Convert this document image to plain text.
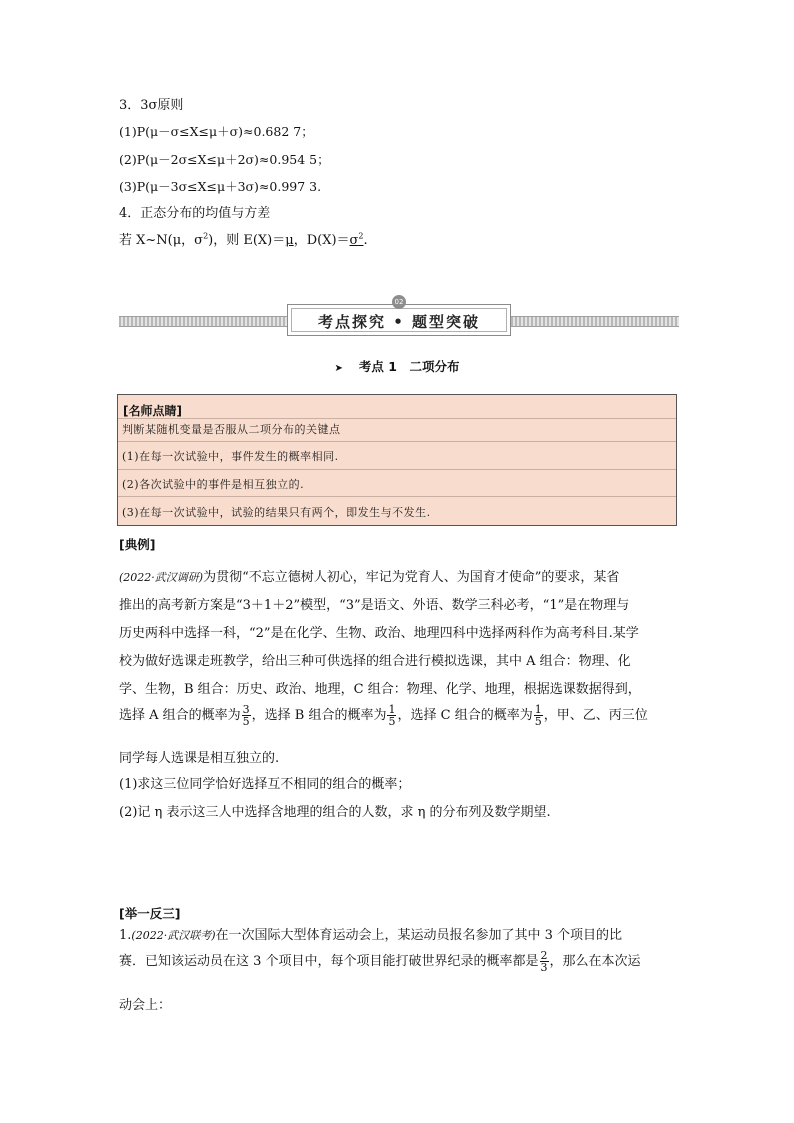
3．3σ原则
(1)P(μ－σ≤X≤μ＋σ)≈0.682 7；
(2)P(μ－2σ≤X≤μ＋2σ)≈0.954 5；
(3)P(μ－3σ≤X≤μ＋3σ)≈0.997 3.
4．正态分布的均值与方差
若 X~N(μ，$\sigma^2$)，则 E(X)＝μ，$D(X)=\sigma^2$.
考点探究 • 题型突破
02
➤ 考点 1　二项分布
[名师点睛]
判断某随机变量是否服从二项分布的关键点
(1)在每一次试验中，事件发生的概率相同.
(2)各次试验中的事件是相互独立的.
(3)在每一次试验中，试验的结果只有两个，即发生与不发生.
[典例]
(2022·武汉调研)为贯彻“不忘立德树人初心，牢记为党育人、为国育才使命”的要求，某省
推出的高考新方案是“3＋1＋2”模型，“3”是语文、外语、数学三科必考，“1”是在物理与
历史两科中选择一科，“2”是在化学、生物、政治、地理四科中选择两科作为高考科目.某学
校为做好选课走班教学，给出三种可供选择的组合进行模拟选课，其中 A 组合：物理、化
学、生物，B 组合：历史、政治、地理，C 组合：物理、化学、地理，根据选课数据得到，
选择 A 组合的概率为 $\frac{3}{5}$ ，选择 B 组合的概率为 $\frac{1}{5}$ ，选择 C 组合的概率为 $\frac{1}{5}$ ，甲、乙、丙三位
同学每人选课是相互独立的.
(1)求这三位同学恰好选择互不相同的组合的概率；
(2)记 η 表示这三人中选择含地理的组合的人数，求 η 的分布列及数学期望.
[举一反三]
1.(2022·武汉联考)在一次国际大型体育运动会上，某运动员报名参加了其中 3 个项目的比
赛．已知该运动员在这 3 个项目中，每个项目能打破世界纪录的概率都是 $\frac{2}{3}$ ，那么在本次运
动会上：
